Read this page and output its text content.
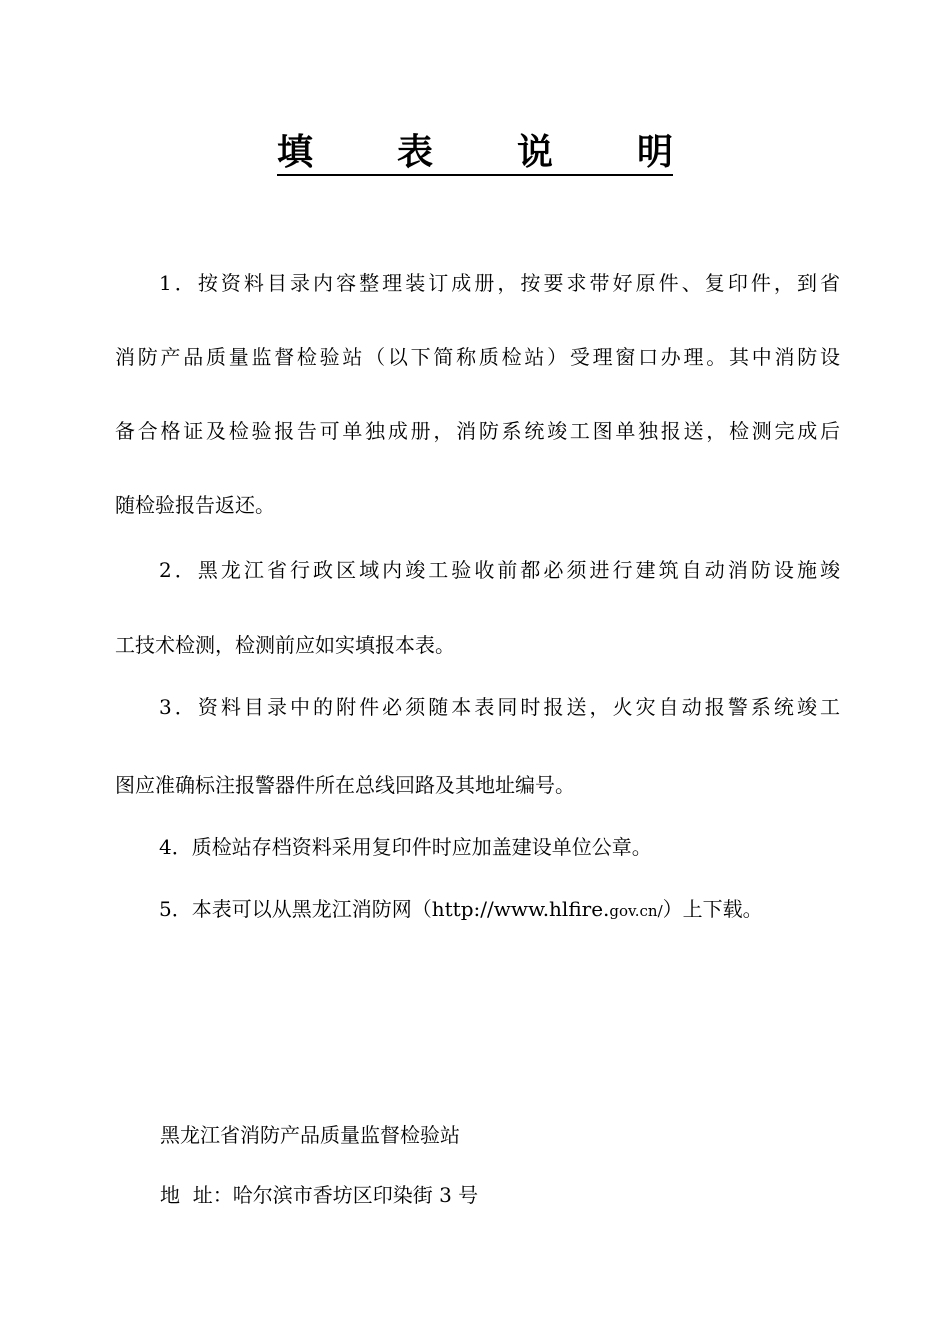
填 表 说 明
1．按资料目录内容整理装订成册，按要求带好原件、复印件，到省
消防产品质量监督检验站（以下简称质检站）受理窗口办理。其中消防设
备合格证及检验报告可单独成册，消防系统竣工图单独报送，检测完成后
随检验报告返还。
2．黑龙江省行政区域内竣工验收前都必须进行建筑自动消防设施竣
工技术检测，检测前应如实填报本表。
3．资料目录中的附件必须随本表同时报送，火灾自动报警系统竣工
图应准确标注报警器件所在总线回路及其地址编号。
4．质检站存档资料采用复印件时应加盖建设单位公章。
5．本表可以从黑龙江消防网（http://www.hlfire.gov.cn/）上下载。
黑龙江省消防产品质量监督检验站
地  址：哈尔滨市香坊区印染街 3 号
